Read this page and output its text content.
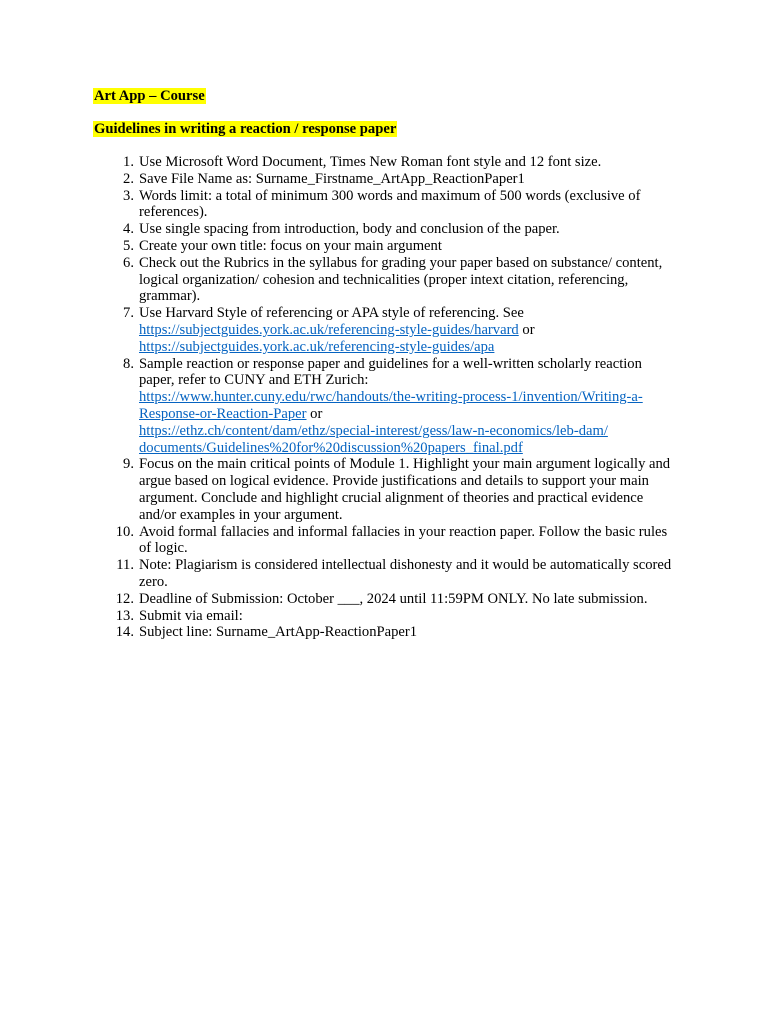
Art App – Course
Guidelines in writing a reaction / response paper
1. Use Microsoft Word Document, Times New Roman font style and 12 font size.
2. Save File Name as: Surname_Firstname_ArtApp_ReactionPaper1
3. Words limit: a total of minimum 300 words and maximum of 500 words (exclusive of references).
4. Use single spacing from introduction, body and conclusion of the paper.
5. Create your own title: focus on your main argument
6. Check out the Rubrics in the syllabus for grading your paper based on substance/ content, logical organization/ cohesion and technicalities (proper intext citation, referencing, grammar).
7. Use Harvard Style of referencing or APA style of referencing. See
https://subjectguides.york.ac.uk/referencing-style-guides/harvard or
https://subjectguides.york.ac.uk/referencing-style-guides/apa
8. Sample reaction or response paper and guidelines for a well-written scholarly reaction paper, refer to CUNY and ETH Zurich:
https://www.hunter.cuny.edu/rwc/handouts/the-writing-process-1/invention/Writing-a-
Response-or-Reaction-Paper or
https://ethz.ch/content/dam/ethz/special-interest/gess/law-n-economics/leb-dam/
documents/Guidelines%20for%20discussion%20papers_final.pdf
9. Focus on the main critical points of Module 1. Highlight your main argument logically and argue based on logical evidence. Provide justifications and details to support your main argument. Conclude and highlight crucial alignment of theories and practical evidence and/or examples in your argument.
10. Avoid formal fallacies and informal fallacies in your reaction paper. Follow the basic rules of logic.
11. Note: Plagiarism is considered intellectual dishonesty and it would be automatically scored zero.
12. Deadline of Submission: October ___, 2024 until 11:59PM ONLY. No late submission.
13. Submit via email:
14. Subject line: Surname_ArtApp-ReactionPaper1
